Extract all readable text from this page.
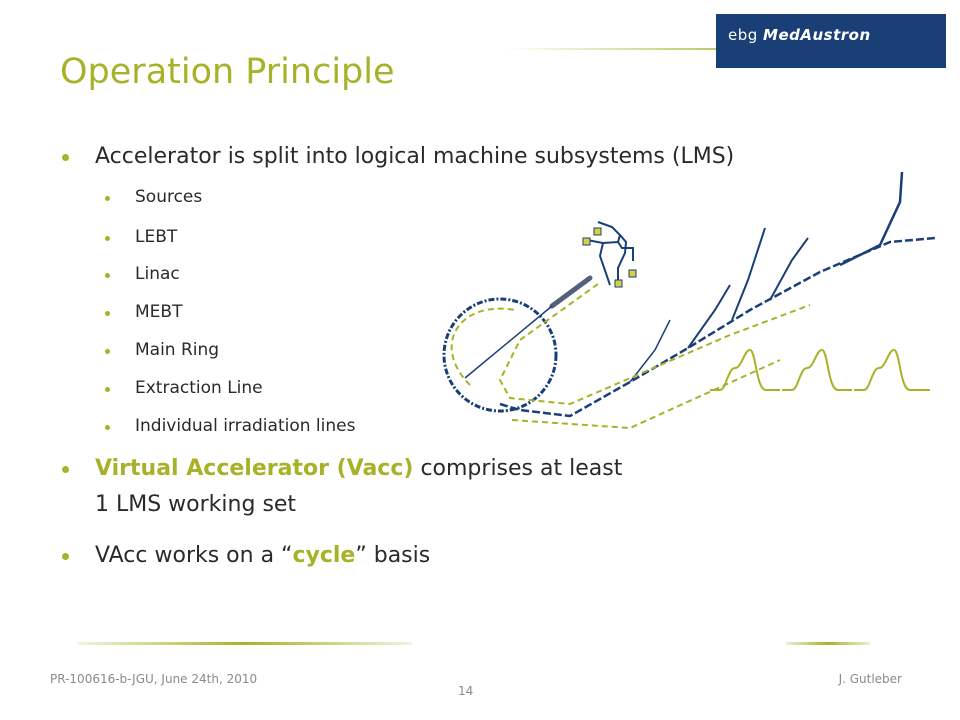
ebg MedAustron
Operation Principle
Accelerator is split into logical machine subsystems (LMS)
Sources
LEBT
Linac
MEBT
Main Ring
Extraction Line
Individual irradiation lines
Virtual Accelerator (Vacc) comprises at least
1 LMS working set
VAcc works on a “cycle” basis
PR-100616-b-JGU, June 24th, 2010	J. Gutleber
14
